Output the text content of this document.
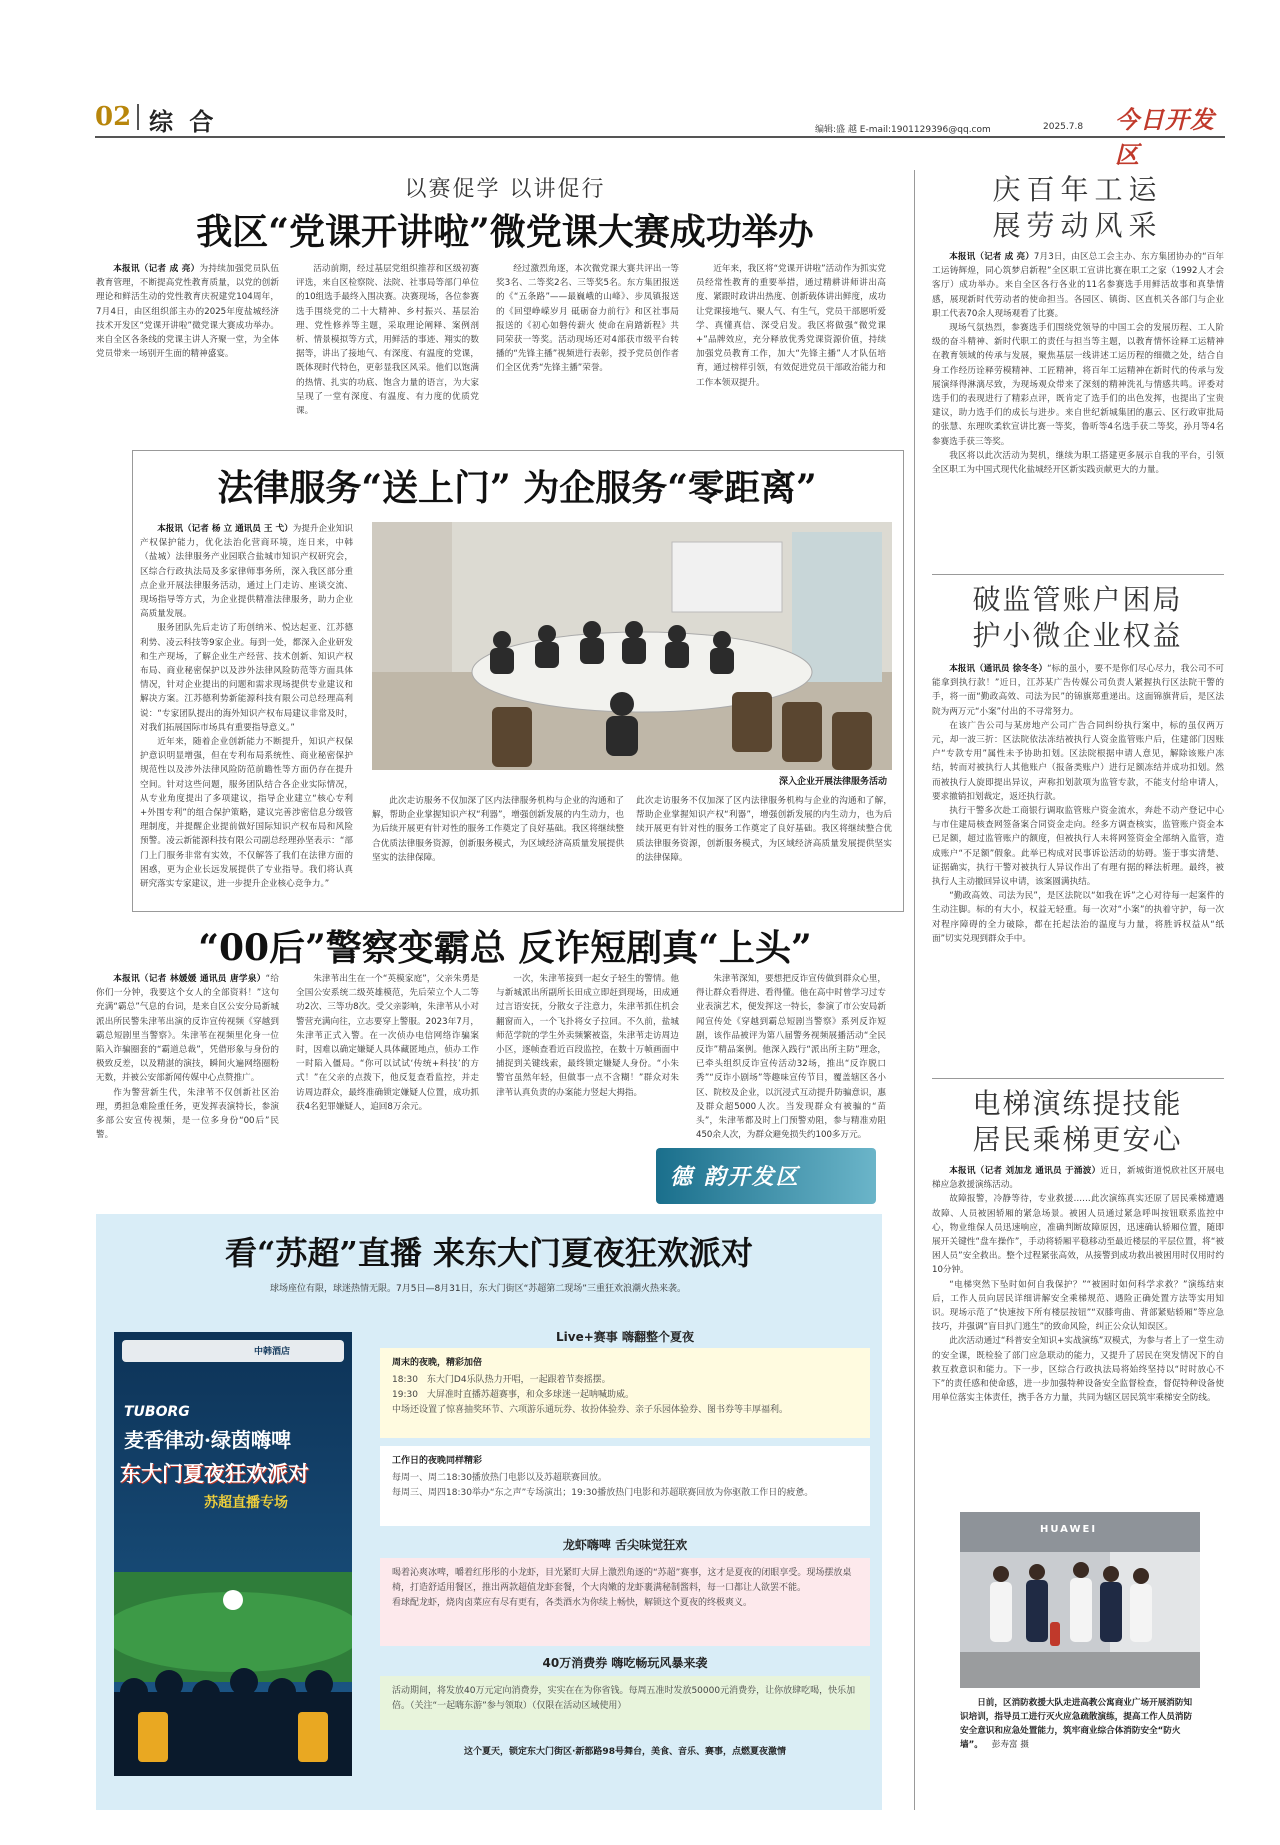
02 综 合	编辑:盛 越 E-mail:1901129396@qq.com	2025.7.8 今日开发区
以赛促学 以讲促行
我区“党课开讲啦”微党课大赛成功举办

本报讯（记者 成 亮）为持续加强党员队伍教育管理，不断提高党性教育质量，以党的创新理论和鲜活生动的党性教育庆祝建党104周年，7月4日，由区组织部主办的2025年度盐城经济技术开发区“党课开讲啦”微党课大赛成功举办。来自全区各条线的党课主讲人齐聚一堂，为全体党员带来一场别开生面的精神盛宴。

活动前期，经过基层党组织推荐和区级初赛评选，来自区检察院、法院、社事局等部门单位的10组选手最终入围决赛。决赛现场，各位参赛选手围绕党的二十大精神、乡村振兴、基层治理、党性修养等主题，采取理论阐释、案例剖析、情景模拟等方式，用鲜活的事迹、翔实的数据等，讲出了接地气、有深度、有温度的党课，既体现时代特色，更彰显我区风采。他们以饱满的热情、扎实的功底、饱含力量的语言，为大家呈现了一堂有深度、有温度、有力度的优质党课。

经过激烈角逐，本次微党课大赛共评出一等奖3名、二等奖2名、三等奖5名。东方集团报送的《“五条路”——最巍峨的山峰》、步凤镇报送的《回望峥嵘岁月 砥砺奋力前行》和区社事局报送的《初心如磐传薪火 使命在肩踏新程》共同荣获一等奖。活动现场还对4部获市级平台转播的“先锋主播”视频进行表彰，授予党员创作者们全区优秀“先锋主播”荣誉。

近年来，我区将“党课开讲啦”活动作为抓实党员经常性教育的重要举措，通过精耕讲师讲出高度、紧跟时政讲出热度、创新载体讲出鲜度，成功让党课接地气、聚人气、有生气，党员干部愿听爱学、真懂真信、深受启发。我区将做强“微党课+”品牌效应，充分释放优秀党课资源价值，持续加强党员教育工作，加大“先锋主播”人才队伍培育，通过榜样引领，有效促进党员干部政治能力和工作本领双提升。

法律服务“送上门” 为企服务“零距离”

本报讯（记者 杨 立 通讯员 王 弋）为提升企业知识产权保护能力，优化法治化营商环境，连日来，中韩（盐城）法律服务产业园联合盐城市知识产权研究会，区综合行政执法局及多家律师事务所，深入我区部分重点企业开展法律服务活动，通过上门走访、座谈交流、现场指导等方式，为企业提供精准法律服务，助力企业高质量发展。

服务团队先后走访了珩创纳米、悦达起亚、江苏德利势、凌云科技等9家企业。每到一处，都深入企业研发和生产现场，了解企业生产经营、技术创新、知识产权布局、商业秘密保护以及涉外法律风险防范等方面具体情况，针对企业提出的问题和需求现场提供专业建议和解决方案。江苏德利势新能源科技有限公司总经理高利说：“专家团队提出的海外知识产权布局建议非常及时，对我们拓展国际市场具有重要指导意义。”

近年来，随着企业创新能力不断提升，知识产权保护意识明显增强，但在专利布局系统性、商业秘密保护规范性以及涉外法律风险防范前瞻性等方面仍存在提升空间。针对这些问题，服务团队结合各企业实际情况，从专业角度提出了多项建议，指导企业建立“核心专利+外围专利”的组合保护策略，建议完善涉密信息分级管理制度，并提醒企业提前做好国际知识产权布局和风险预警。凌云新能源科技有限公司副总经理孙坚表示：“部门上门服务非常有实效，不仅解答了我们在法律方面的困惑，更为企业长远发展提供了专业指导。我们将认真研究落实专家建议，进一步提升企业核心竞争力。”

深入企业开展法律服务活动

此次走访服务不仅加深了区内法律服务机构与企业的沟通和了解，帮助企业掌握知识产权“利器”，增强创新发展的内生动力，也为后续开展更有针对性的服务工作奠定了良好基础。我区将继续整合优质法律服务资源，创新服务模式，为区域经济高质量发展提供坚实的法律保障。

此次走访服务不仅加深了区内法律服务机构与企业的沟通和了解，帮助企业掌握知识产权“利器”，增强创新发展的内生动力，也为后续开展更有针对性的服务工作奠定了良好基础。我区将继续整合优质法律服务资源，创新服务模式，为区域经济高质量发展提供坚实的法律保障。

“00后”警察变霸总 反诈短剧真“上头”

本报讯（记者 林媛媛 通讯员 唐学泉）“给你们一分钟，我要这个女人的全部资料！”这句充满“霸总”气息的台词，是来自区公安分局新城派出所民警朱津苇出演的反诈宣传视频《穿越到霸总短剧里当警察》。朱津苇在视频里化身一位陷入诈骗圈套的“霸道总裁”，凭借形象与身份的极致反差，以及精湛的演技，瞬间火遍网络圈粉无数，并被公安部新闻传媒中心点赞推广。

作为警营新生代，朱津苇不仅创新社区治理，勇担急难险重任务，更发挥表演特长，参演多部公安宣传视频，是一位多身份“00后”民警。

朱津苇出生在一个“英模家庭”，父亲朱勇是全国公安系统二级英雄模范，先后荣立个人二等功2次、三等功8次。受父亲影响，朱津苇从小对警营充满向往，立志要穿上警服。2023年7月，朱津苇正式入警。在一次侦办电信网络诈骗案时，因难以确定嫌疑人具体藏匿地点，侦办工作一时陷入僵局。“你可以试试‘传统+科技’的方式！”在父亲的点拨下，他反复查看监控，并走访周边群众，最终准确锁定嫌疑人位置，成功抓获4名犯罪嫌疑人，追回8万余元。

一次，朱津苇接到一起女子轻生的警情。他与新城派出所副所长田成立即赶到现场，田成通过言语安抚，分散女子注意力，朱津苇抓住机会翻窗而入，一个飞扑将女子拉回。不久前，盐城师范学院的学生外卖频繁被盗，朱津苇走访周边小区，逐帧查看近百段监控，在数十万帧画面中捕捉到关键线索，最终锁定嫌疑人身份。“小朱警官虽然年轻，但做事一点不含糊！”群众对朱津苇认真负责的办案能力竖起大拇指。

朱津苇深知，要想把反诈宣传做到群众心里，得让群众看得进、看得懂。他在高中时曾学习过专业表演艺术，便发挥这一特长，参演了市公安局新闻宣传处《穿越到霸总短剧当警察》系列反诈短剧，该作品被评为第八届警务视频展播活动“全民反诈”精品案例。他深入践行“派出所主防”理念，已牵头组织反诈宣传活动32场，推出“反诈脱口秀”“反诈小剧场”等趣味宣传节目，覆盖辖区各小区、院校及企业，以沉浸式互动提升防骗意识，惠及群众超5000人次。当发现群众有被骗的“苗头”，朱津苇都及时上门预警劝阻，参与精准劝阻450余人次，为群众避免损失约100多万元。

德 韵开发区
看“苏超”直播 来东大门夏夜狂欢派对
球场座位有限，球迷热情无限。7月5日—8月31日，东大门街区“苏超第二现场”三重狂欢浪潮火热来袭。
中韩酒店
TUBORG
麦香律动·绿茵嗨啤
东大门夏夜狂欢派对
苏超直播专场
Live+赛事 嗨翻整个夏夜
周末的夜晚，精彩加倍

18:30　东大门D4乐队热力开唱，一起跟着节奏摇摆。

19:30　大屏准时直播苏超赛事，和众多球迷一起呐喊助威。

中场还设置了惊喜抽奖环节、六项游乐通玩券、妆扮体验券、亲子乐园体验券、图书券等丰厚福利。

工作日的夜晚同样精彩

每周一、周二18:30播放热门电影以及苏超联赛回放。

每周三、周四18:30举办“东之声”专场演出；19:30播放热门电影和苏超联赛回放为你驱散工作日的疲惫。

龙虾嗨啤 舌尖味觉狂欢

喝着沁爽冰啤，嚼着红彤彤的小龙虾，目光紧盯大屏上激烈角逐的“苏超”赛事，这才是夏夜的闭眼享受。现场摆放桌椅，打造舒适用餐区，推出两款超值龙虾套餐，个大肉嫩的龙虾裹满秘制酱料，每一口都让人欲罢不能。

看球配龙虾，烧肉卤菜应有尽有更有，各类酒水为你续上畅快，解锁这个夏夜的终极爽义。

40万消费券 嗨吃畅玩风暴来袭

活动期间，将发放40万元定向消费券，实实在在为你省钱。每周五准时发放50000元消费券，让你放肆吃喝，快乐加倍。（关注“一起嗨东游”参与领取）（仅限在活动区域使用）

这个夏天，锁定东大门街区·新都路98号舞台，美食、音乐、赛事，点燃夏夜激情
庆百年工运
展劳动风采

本报讯（记者 成 亮）7月3日，由区总工会主办、东方集团协办的“百年工运铸辉煌，同心筑梦启新程”全区职工宣讲比赛在职工之家（1992人才会客厅）成功举办。来自全区各行各业的11名参赛选手用鲜活故事和真挚情感，展现新时代劳动者的使命担当。各园区、镇街、区直机关各部门与企业职工代表70余人现场观看了比赛。

现场气氛热烈，参赛选手们围绕党领导的中国工会的发展历程、工人阶级的奋斗精神、新时代职工的责任与担当等主题，以教育情怀诠释工运精神在教育领域的传承与发展，聚焦基层一线讲述工运历程的细微之处，结合自身工作经历诠释劳模精神、工匠精神，将百年工运精神在新时代的传承与发展演绎得淋漓尽致，为现场观众带来了深刻的精神洗礼与情感共鸣。评委对选手们的表现进行了精彩点评，既肯定了选手们的出色发挥，也提出了宝贵建议，助力选手们的成长与进步。来自世纪新城集团的惠云、区行政审批局的张慧、东理吹柔软宣讲比赛一等奖，鲁昕等4名选手获二等奖，孙月等4名参赛选手获三等奖。

我区将以此次活动为契机，继续为职工搭建更多展示自我的平台，引领全区职工为中国式现代化盐城经开区新实践贡献更大的力量。

破监管账户困局
护小微企业权益

本报讯（通讯员 徐冬冬）“标的虽小，要不是你们尽心尽力，我公司不可能拿到执行款！”近日，江苏某广告传媒公司负责人紧握执行区法院干警的手，将一面“勤政高效、司法为民”的锦旗郑重递出。这面锦旗背后，是区法院为两万元“小案”付出的不寻常努力。

在该广告公司与某房地产公司广告合同纠纷执行案中，标的虽仅两万元，却一波三折：区法院依法冻结被执行人资金监管账户后，住建部门因账户“专款专用”属性未予协助扣划。区法院根据申请人意见，解除该账户冻结，转而对被执行人其他账户（报备类账户）进行足额冻结并成功扣划。然而被执行人旋即提出异议，声称扣划款项为监管专款，不能支付给申请人，要求撤销扣划裁定，返还执行款。

执行干警多次赴工商银行调取监管账户资金流水，奔赴不动产登记中心与市住建局核查网签备案合同资金走向。经多方调查核实，监管账户资金本已足额，超过监管账户的额度，但被执行人未将网签资金全部纳入监管，造成账户“不足额”假象。此举已构成对民事诉讼活动的妨碍。鉴于事实清楚、证据确实，执行干警对被执行人异议作出了有理有据的释法析理。最终，被执行人主动撤回异议申请，该案圆满执结。

“勤政高效、司法为民”，是区法院以“如我在诉”之心对待每一起案件的生动注脚。标的有大小，权益无轻重。每一次对“小案”的执着守护，每一次对程序障碍的全力破除，都在托起法治的温度与力量，将胜诉权益从“纸面”切实兑现到群众手中。

电梯演练提技能
居民乘梯更安心

本报讯（记者 刘加龙 通讯员 于涌波）近日，新城街道悦欣社区开展电梯应急救援演练活动。

故障报警，冷静等待，专业救援……此次演练真实还原了居民乘梯遭遇故障、人员被困轿厢的紧急场景。被困人员通过紧急呼叫按钮联系监控中心，物业维保人员迅速响应，准确判断故障原因，迅速确认轿厢位置，随即展开关键性“盘车操作”，手动将轿厢平稳移动至最近楼层的平层位置，将“被困人员”安全救出。整个过程紧张高效，从接警到成功救出被困用时仅用时约10分钟。

“电梯突然下坠时如何自我保护？”“被困时如何科学求救？”演练结束后，工作人员向居民详细讲解安全乘梯规范、遇险正确处置方法等实用知识。现场示范了“快速按下所有楼层按钮”“双膝弯曲、背部紧贴轿厢”等应急技巧，并强调“盲目扒门逃生”的致命风险，纠正公众认知误区。

此次活动通过“科普安全知识+实战演练”双模式，为参与者上了一堂生动的安全课，既检验了部门应急联动的能力，又提升了居民在突发情况下的自救互救意识和能力。下一步，区综合行政执法局将始终坚持以“时时放心不下”的责任感和使命感，进一步加强特种设备安全监督检查，督促特种设备使用单位落实主体责任，携手各方力量，共同为辖区居民筑牢乘梯安全防线。

HUAWEI
日前，区消防救援大队走进高教公寓商业广场开展消防知识培训，指导员工进行灭火应急疏散演练，提高工作人员消防安全意识和应急处置能力，筑牢商业综合体消防安全“防火墙”。 彭寿富 摄
